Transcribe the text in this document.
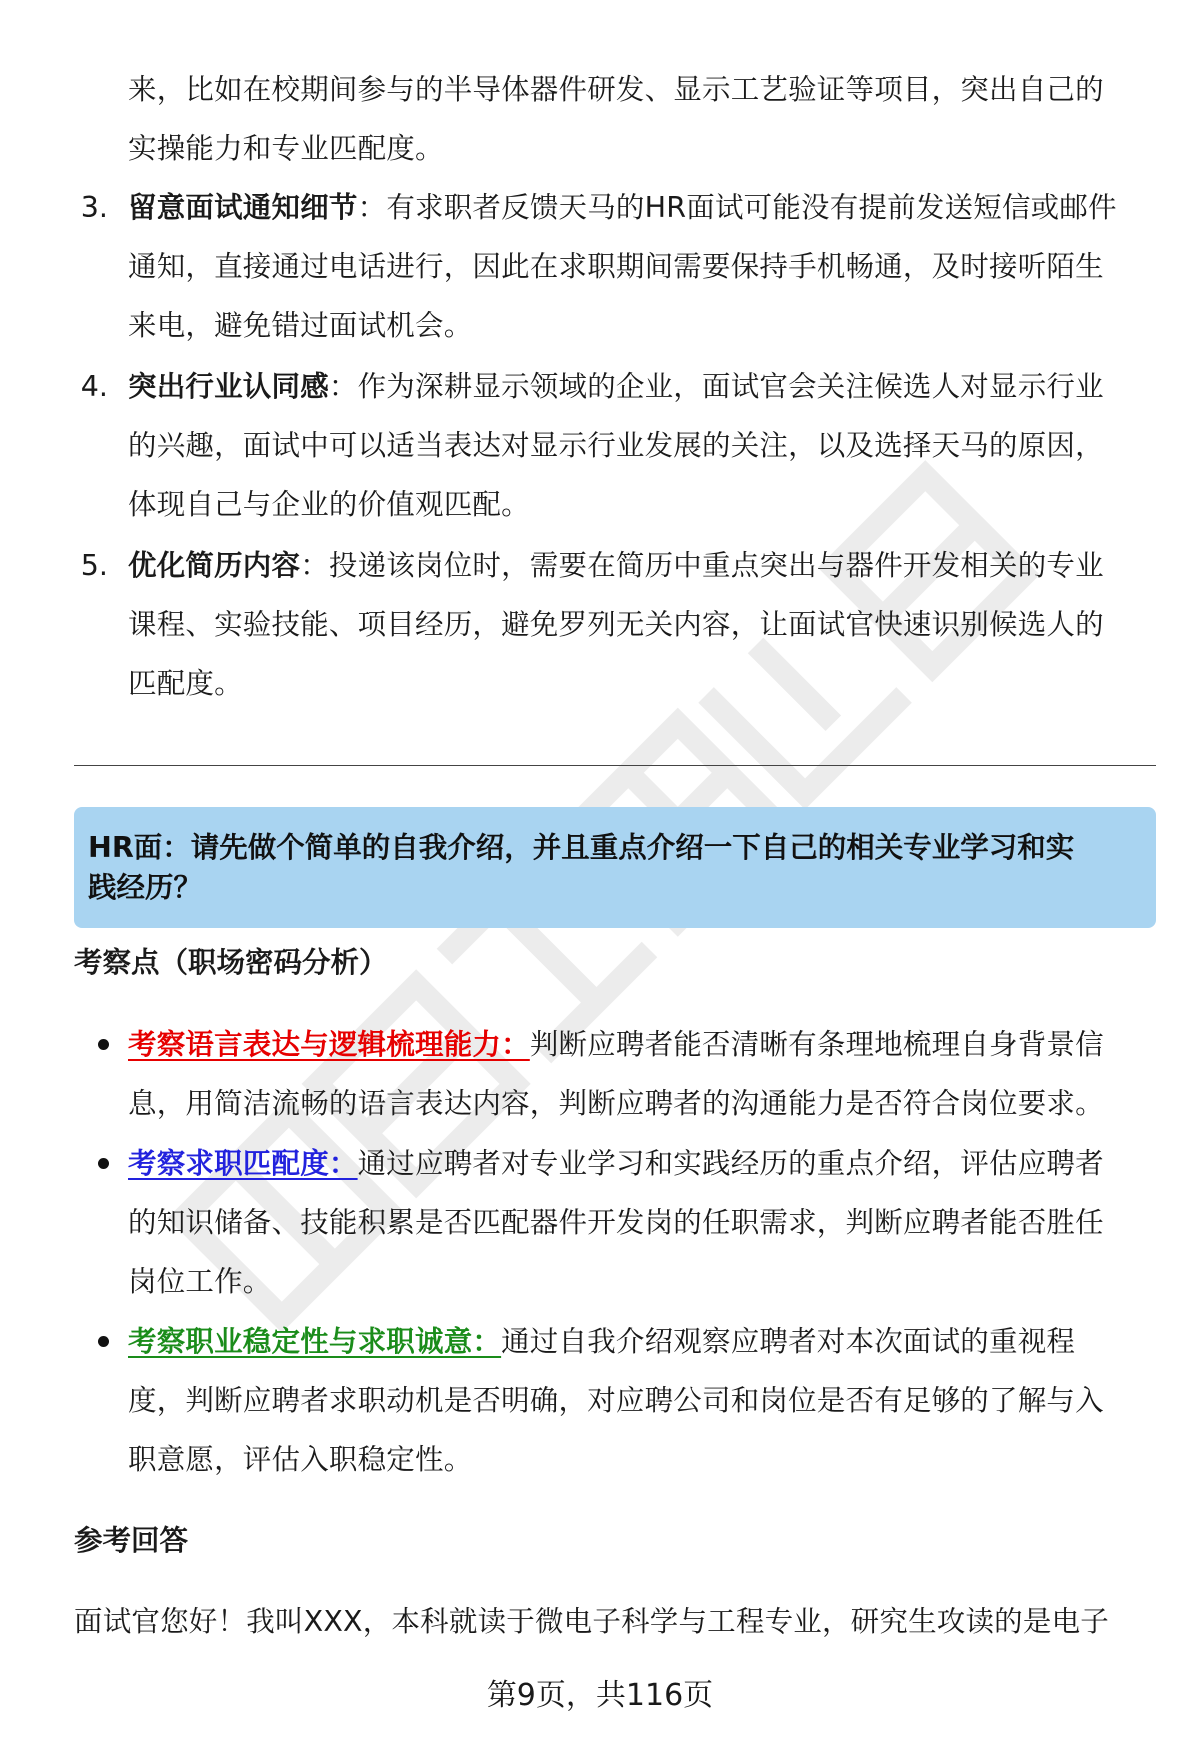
来，比如在校期间参与的半导体器件研发、显示工艺验证等项目，突出自己的
实操能力和专业匹配度。
3. 留意面试通知细节：有求职者反馈天马的HR面试可能没有提前发送短信或邮件
通知，直接通过电话进行，因此在求职期间需要保持手机畅通，及时接听陌生
来电，避免错过面试机会。
4. 突出行业认同感：作为深耕显示领域的企业，面试官会关注候选人对显示行业
的兴趣，面试中可以适当表达对显示行业发展的关注，以及选择天马的原因，
体现自己与企业的价值观匹配。
5. 优化简历内容：投递该岗位时，需要在简历中重点突出与器件开发相关的专业
课程、实验技能、项目经历，避免罗列无关内容，让面试官快速识别候选人的
匹配度。
HR面：请先做个简单的自我介绍，并且重点介绍一下自己的相关专业学习和实
践经历？
考察点（职场密码分析）
考察语言表达与逻辑梳理能力：判断应聘者能否清晰有条理地梳理自身背景信
息，用简洁流畅的语言表达内容，判断应聘者的沟通能力是否符合岗位要求。
考察求职匹配度：通过应聘者对专业学习和实践经历的重点介绍，评估应聘者
的知识储备、技能积累是否匹配器件开发岗的任职需求，判断应聘者能否胜任
岗位工作。
考察职业稳定性与求职诚意：通过自我介绍观察应聘者对本次面试的重视程
度，判断应聘者求职动机是否明确，对应聘公司和岗位是否有足够的了解与入
职意愿，评估入职稳定性。
参考回答
面试官您好！我叫XXX，本科就读于微电子科学与工程专业，研究生攻读的是电子
第9页，共116页
